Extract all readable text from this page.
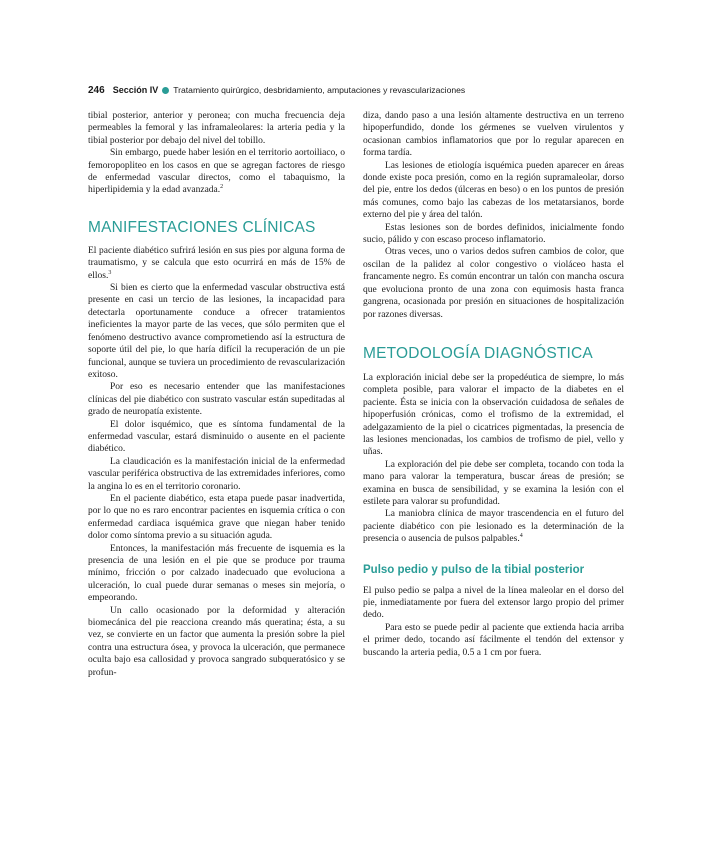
246 Sección IV Tratamiento quirúrgico, desbridamiento, amputaciones y revascularizaciones

tibial posterior, anterior y peronea; con mucha frecuencia deja permeables la femoral y las inframaleolares: la arteria pedia y la tibial posterior por debajo del nivel del tobillo.

Sin embargo, puede haber lesión en el territorio aortoiliaco, o femoropopliteo en los casos en que se agregan factores de riesgo de enfermedad vascular directos, como el tabaquismo, la hiperlipidemia y la edad avanzada.$^2$

MANIFESTACIONES CLÍNICAS

El paciente diabético sufrirá lesión en sus pies por alguna forma de traumatismo, y se calcula que esto ocurrirá en más de 15% de ellos.$^3$

Si bien es cierto que la enfermedad vascular obstructiva está presente en casi un tercio de las lesiones, la incapacidad para detectarla oportunamente conduce a ofrecer tratamientos ineficientes la mayor parte de las veces, que sólo permiten que el fenómeno destructivo avance comprometiendo así la estructura de soporte útil del pie, lo que haría difícil la recuperación de un pie funcional, aunque se tuviera un procedimiento de revascularización exitoso.

Por eso es necesario entender que las manifestaciones clínicas del pie diabético con sustrato vascular están supeditadas al grado de neuropatía existente.

El dolor isquémico, que es síntoma fundamental de la enfermedad vascular, estará disminuido o ausente en el paciente diabético.

La claudicación es la manifestación inicial de la enfermedad vascular periférica obstructiva de las extremidades inferiores, como la angina lo es en el territorio coronario.

En el paciente diabético, esta etapa puede pasar inadvertida, por lo que no es raro encontrar pacientes en isquemia crítica o con enfermedad cardiaca isquémica grave que niegan haber tenido dolor como síntoma previo a su situación aguda.

Entonces, la manifestación más frecuente de isquemia es la presencia de una lesión en el pie que se produce por trauma mínimo, fricción o por calzado inadecuado que evoluciona a ulceración, lo cual puede durar semanas o meses sin mejoría, o empeorando.

Un callo ocasionado por la deformidad y alteración biomecánica del pie reacciona creando más queratina; ésta, a su vez, se convierte en un factor que aumenta la presión sobre la piel contra una estructura ósea, y provoca la ulceración, que permanece oculta bajo esa callosidad y provoca sangrado subqueratósico y se profun-

diza, dando paso a una lesión altamente destructiva en un terreno hipoperfundido, donde los gérmenes se vuelven virulentos y ocasionan cambios inflamatorios que por lo regular aparecen en forma tardía.

Las lesiones de etiología isquémica pueden aparecer en áreas donde existe poca presión, como en la región supramaleolar, dorso del pie, entre los dedos (úlceras en beso) o en los puntos de presión más comunes, como bajo las cabezas de los metatarsianos, borde externo del pie y área del talón.

Estas lesiones son de bordes definidos, inicialmente fondo sucio, pálido y con escaso proceso inflamatorio.

Otras veces, uno o varios dedos sufren cambios de color, que oscilan de la palidez al color congestivo o violáceo hasta el francamente negro. Es común encontrar un talón con mancha oscura que evoluciona pronto de una zona con equimosis hasta franca gangrena, ocasionada por presión en situaciones de hospitalización por razones diversas.

METODOLOGÍA DIAGNÓSTICA

La exploración inicial debe ser la propedéutica de siempre, lo más completa posible, para valorar el impacto de la diabetes en el paciente. Ésta se inicia con la observación cuidadosa de señales de hipoperfusión crónicas, como el trofismo de la extremidad, el adelgazamiento de la piel o cicatrices pigmentadas, la presencia de las lesiones mencionadas, los cambios de trofismo de piel, vello y uñas.

La exploración del pie debe ser completa, tocando con toda la mano para valorar la temperatura, buscar áreas de presión; se examina en busca de sensibilidad, y se examina la lesión con el estilete para valorar su profundidad.

La maniobra clínica de mayor trascendencia en el futuro del paciente diabético con pie lesionado es la determinación de la presencia o ausencia de pulsos palpables.$^4$

Pulso pedio y pulso de la tibial posterior

El pulso pedio se palpa a nivel de la línea maleolar en el dorso del pie, inmediatamente por fuera del extensor largo propio del primer dedo.

Para esto se puede pedir al paciente que extienda hacia arriba el primer dedo, tocando así fácilmente el tendón del extensor y buscando la arteria pedia, 0.5 a 1 cm por fuera.
